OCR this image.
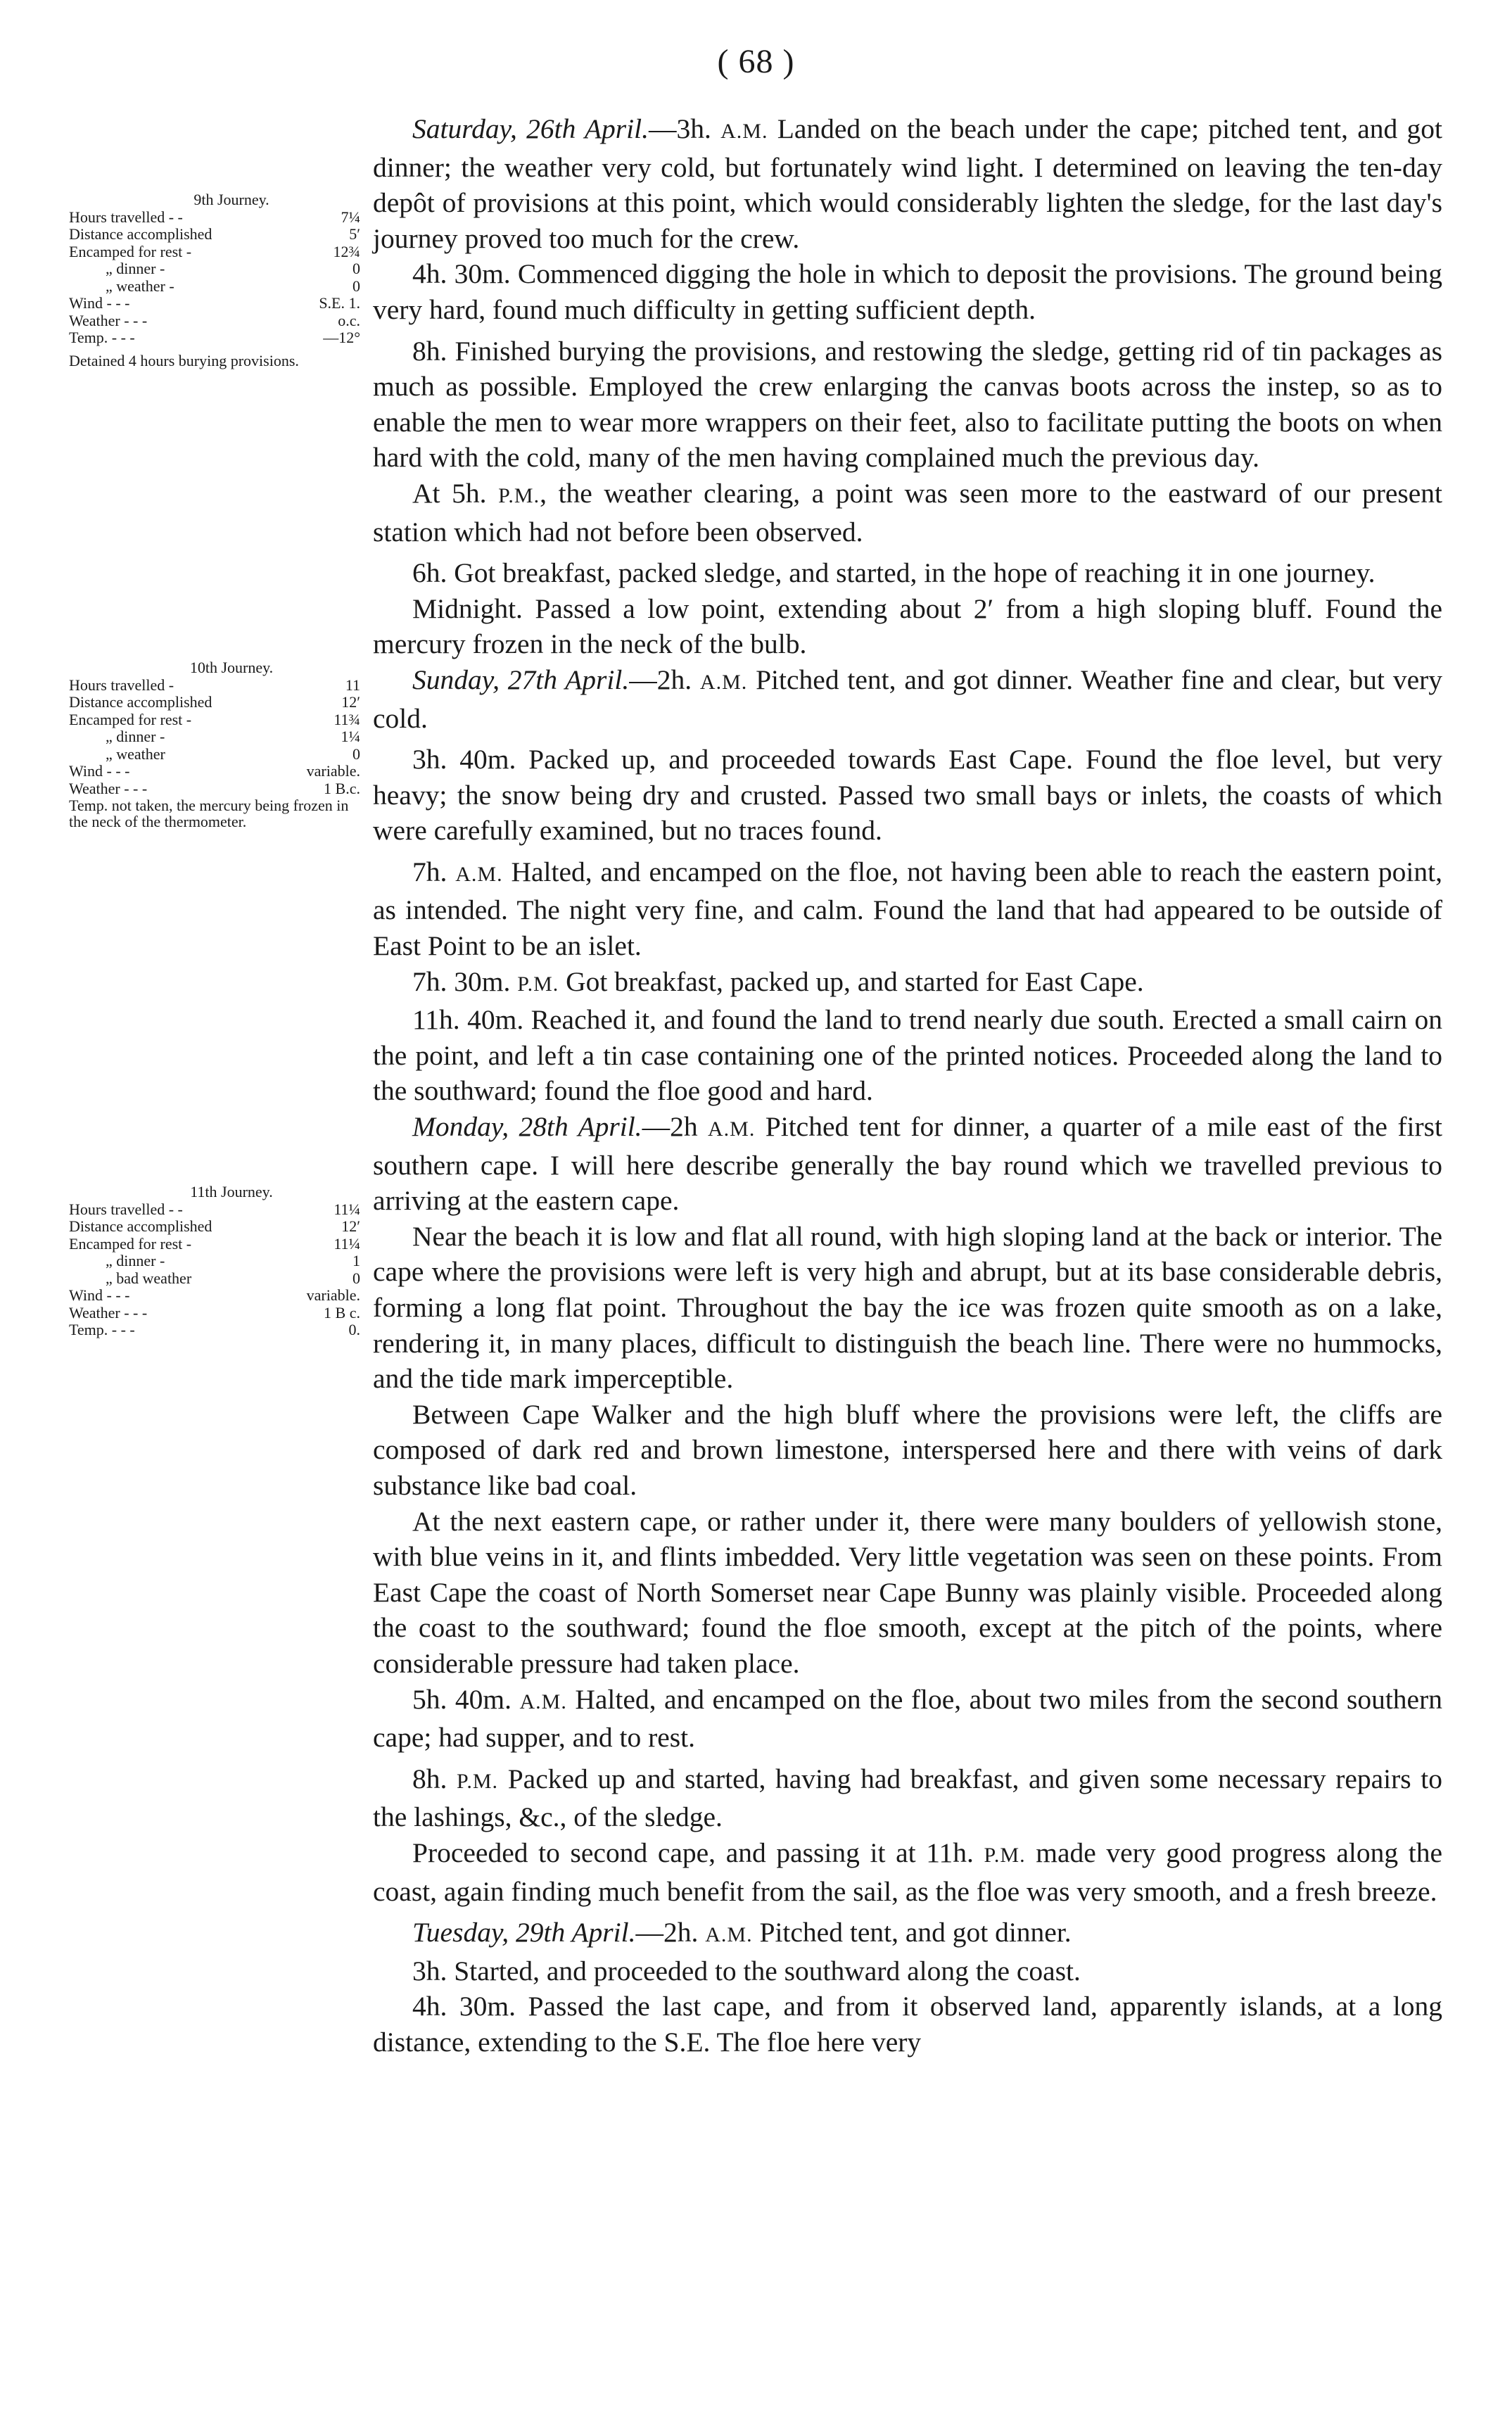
( 68 )
9th Journey.
Hours travelled - -	7¼
Distance accomplished	5′
Encamped for rest -	12¾
„ dinner -	0
„ weather -	0
Wind - - -	S.E. 1.
Weather - - -	o.c.
Temp. - - -	—12°
Detained 4 hours burying provisions.
10th Journey.
Hours travelled -	11
Distance accomplished	12′
Encamped for rest -	11¾
„ dinner -	1¼
„ weather	0
Wind - - -	variable.
Weather - - -	1 B.c.
Temp. not taken, the mercury being frozen in the neck of the thermometer.
11th Journey.
Hours travelled - -	11¼
Distance accomplished	12′
Encamped for rest -	11¼
„ dinner -	1
„ bad weather	0
Wind - - -	variable.
Weather - - -	1 B c.
Temp. - - -	0.

Saturday, 26th April.—3h. A.M. Landed on the beach under the cape; pitched tent, and got dinner; the weather very cold, but fortunately wind light. I determined on leaving the ten-day depôt of provisions at this point, which would considerably lighten the sledge, for the last day's journey proved too much for the crew.

4h. 30m. Commenced digging the hole in which to deposit the provisions. The ground being very hard, found much difficulty in getting sufficient depth.

8h. Finished burying the provisions, and restowing the sledge, getting rid of tin packages as much as possible. Employed the crew enlarging the canvas boots across the instep, so as to enable the men to wear more wrappers on their feet, also to facilitate putting the boots on when hard with the cold, many of the men having complained much the previous day.

At 5h. P.M., the weather clearing, a point was seen more to the eastward of our present station which had not before been observed.

6h. Got breakfast, packed sledge, and started, in the hope of reaching it in one journey.

Midnight. Passed a low point, extending about 2′ from a high sloping bluff. Found the mercury frozen in the neck of the bulb.

Sunday, 27th April.—2h. A.M. Pitched tent, and got dinner. Weather fine and clear, but very cold.

3h. 40m. Packed up, and proceeded towards East Cape. Found the floe level, but very heavy; the snow being dry and crusted. Passed two small bays or inlets, the coasts of which were carefully examined, but no traces found.

7h. A.M. Halted, and encamped on the floe, not having been able to reach the eastern point, as intended. The night very fine, and calm. Found the land that had appeared to be outside of East Point to be an islet.

7h. 30m. P.M. Got breakfast, packed up, and started for East Cape.

11h. 40m. Reached it, and found the land to trend nearly due south. Erected a small cairn on the point, and left a tin case containing one of the printed notices. Proceeded along the land to the southward; found the floe good and hard.

Monday, 28th April.—2h A.M. Pitched tent for dinner, a quarter of a mile east of the first southern cape. I will here describe generally the bay round which we travelled previous to arriving at the eastern cape.

Near the beach it is low and flat all round, with high sloping land at the back or interior. The cape where the provisions were left is very high and abrupt, but at its base considerable debris, forming a long flat point. Throughout the bay the ice was frozen quite smooth as on a lake, rendering it, in many places, difficult to distinguish the beach line. There were no hummocks, and the tide mark imperceptible.

Between Cape Walker and the high bluff where the provisions were left, the cliffs are composed of dark red and brown limestone, interspersed here and there with veins of dark substance like bad coal.

At the next eastern cape, or rather under it, there were many boulders of yellowish stone, with blue veins in it, and flints imbedded. Very little vegetation was seen on these points. From East Cape the coast of North Somerset near Cape Bunny was plainly visible. Proceeded along the coast to the southward; found the floe smooth, except at the pitch of the points, where considerable pressure had taken place.

5h. 40m. A.M. Halted, and encamped on the floe, about two miles from the second southern cape; had supper, and to rest.

8h. P.M. Packed up and started, having had breakfast, and given some necessary repairs to the lashings, &c., of the sledge.

Proceeded to second cape, and passing it at 11h. P.M. made very good progress along the coast, again finding much benefit from the sail, as the floe was very smooth, and a fresh breeze.

Tuesday, 29th April.—2h. A.M. Pitched tent, and got dinner.

3h. Started, and proceeded to the southward along the coast.

4h. 30m. Passed the last cape, and from it observed land, apparently islands, at a long distance, extending to the S.E. The floe here very
